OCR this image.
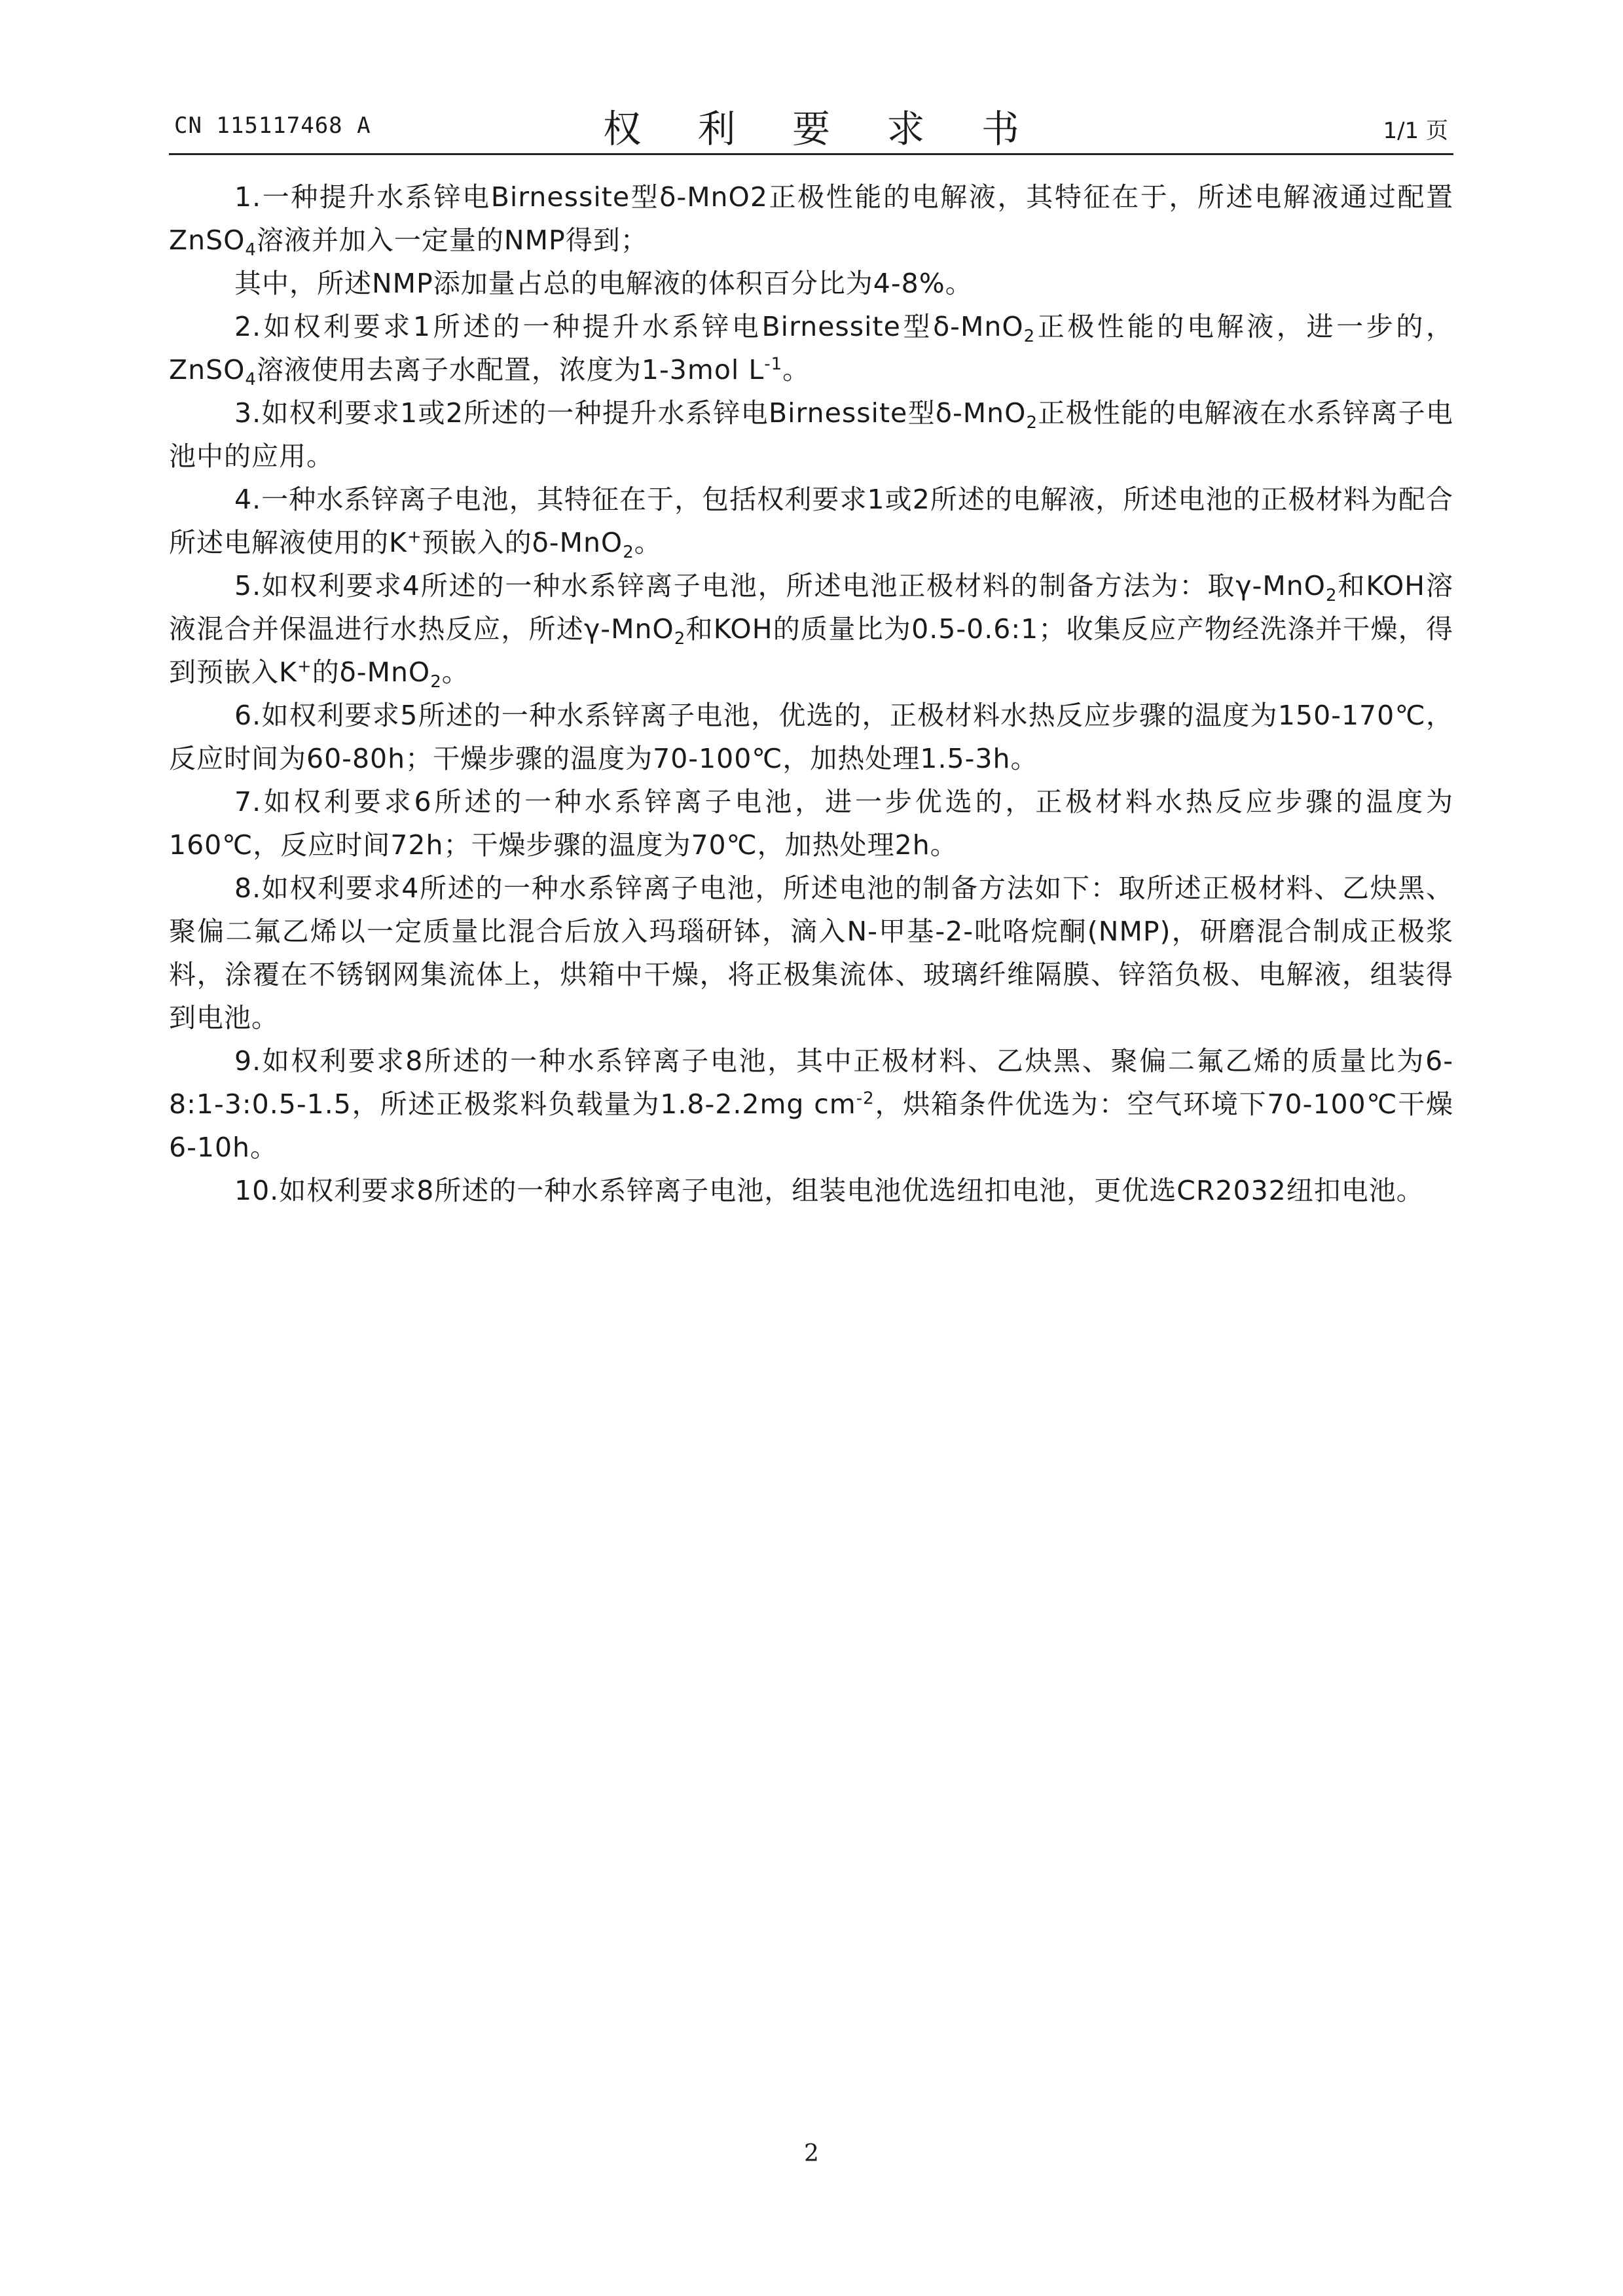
CN 115117468 A	权 利 要 求 书	1/1 页

1.一种提升水系锌电Birnessite型δ-MnO2正极性能的电解液，其特征在于，所述电解液通过配置ZnSO$_4$溶液并加入一定量的NMP得到；

其中，所述NMP添加量占总的电解液的体积百分比为4-8%。

2.如权利要求1所述的一种提升水系锌电Birnessite型δ-MnO$_2$正极性能的电解液，进一步的，ZnSO$_4$溶液使用去离子水配置，浓度为1-3mol $L^{-1}$。

3.如权利要求1或2所述的一种提升水系锌电Birnessite型δ-MnO$_2$正极性能的电解液在水系锌离子电池中的应用。

4.一种水系锌离子电池，其特征在于，包括权利要求1或2所述的电解液，所述电池的正极材料为配合所述电解液使用的K+预嵌入的δ-MnO$_2$。

5.如权利要求4所述的一种水系锌离子电池，所述电池正极材料的制备方法为：取γ-MnO$_2$和KOH溶液混合并保温进行水热反应，所述γ-MnO$_2$和KOH的质量比为0.5-0.6:1；收集反应产物经洗涤并干燥，得到预嵌入K+的δ-MnO$_2$。

6.如权利要求5所述的一种水系锌离子电池，优选的，正极材料水热反应步骤的温度为150-170℃，反应时间为60-80h；干燥步骤的温度为70-100℃，加热处理1.5-3h。

7.如权利要求6所述的一种水系锌离子电池，进一步优选的，正极材料水热反应步骤的温度为160℃，反应时间72h；干燥步骤的温度为70℃，加热处理2h。

8.如权利要求4所述的一种水系锌离子电池，所述电池的制备方法如下：取所述正极材料、乙炔黑、聚偏二氟乙烯以一定质量比混合后放入玛瑙研钵，滴入N-甲基-2-吡咯烷酮(NMP)，研磨混合制成正极浆料，涂覆在不锈钢网集流体上，烘箱中干燥，将正极集流体、玻璃纤维隔膜、锌箔负极、电解液，组装得到电池。

9.如权利要求8所述的一种水系锌离子电池，其中正极材料、乙炔黑、聚偏二氟乙烯的质量比为6-8:1-3:0.5-1.5，所述正极浆料负载量为1.8-2.2mg $cm^{-2}$，烘箱条件优选为：空气环境下70-100℃干燥6-10h。

10.如权利要求8所述的一种水系锌离子电池，组装电池优选纽扣电池，更优选CR2032纽扣电池。

2
